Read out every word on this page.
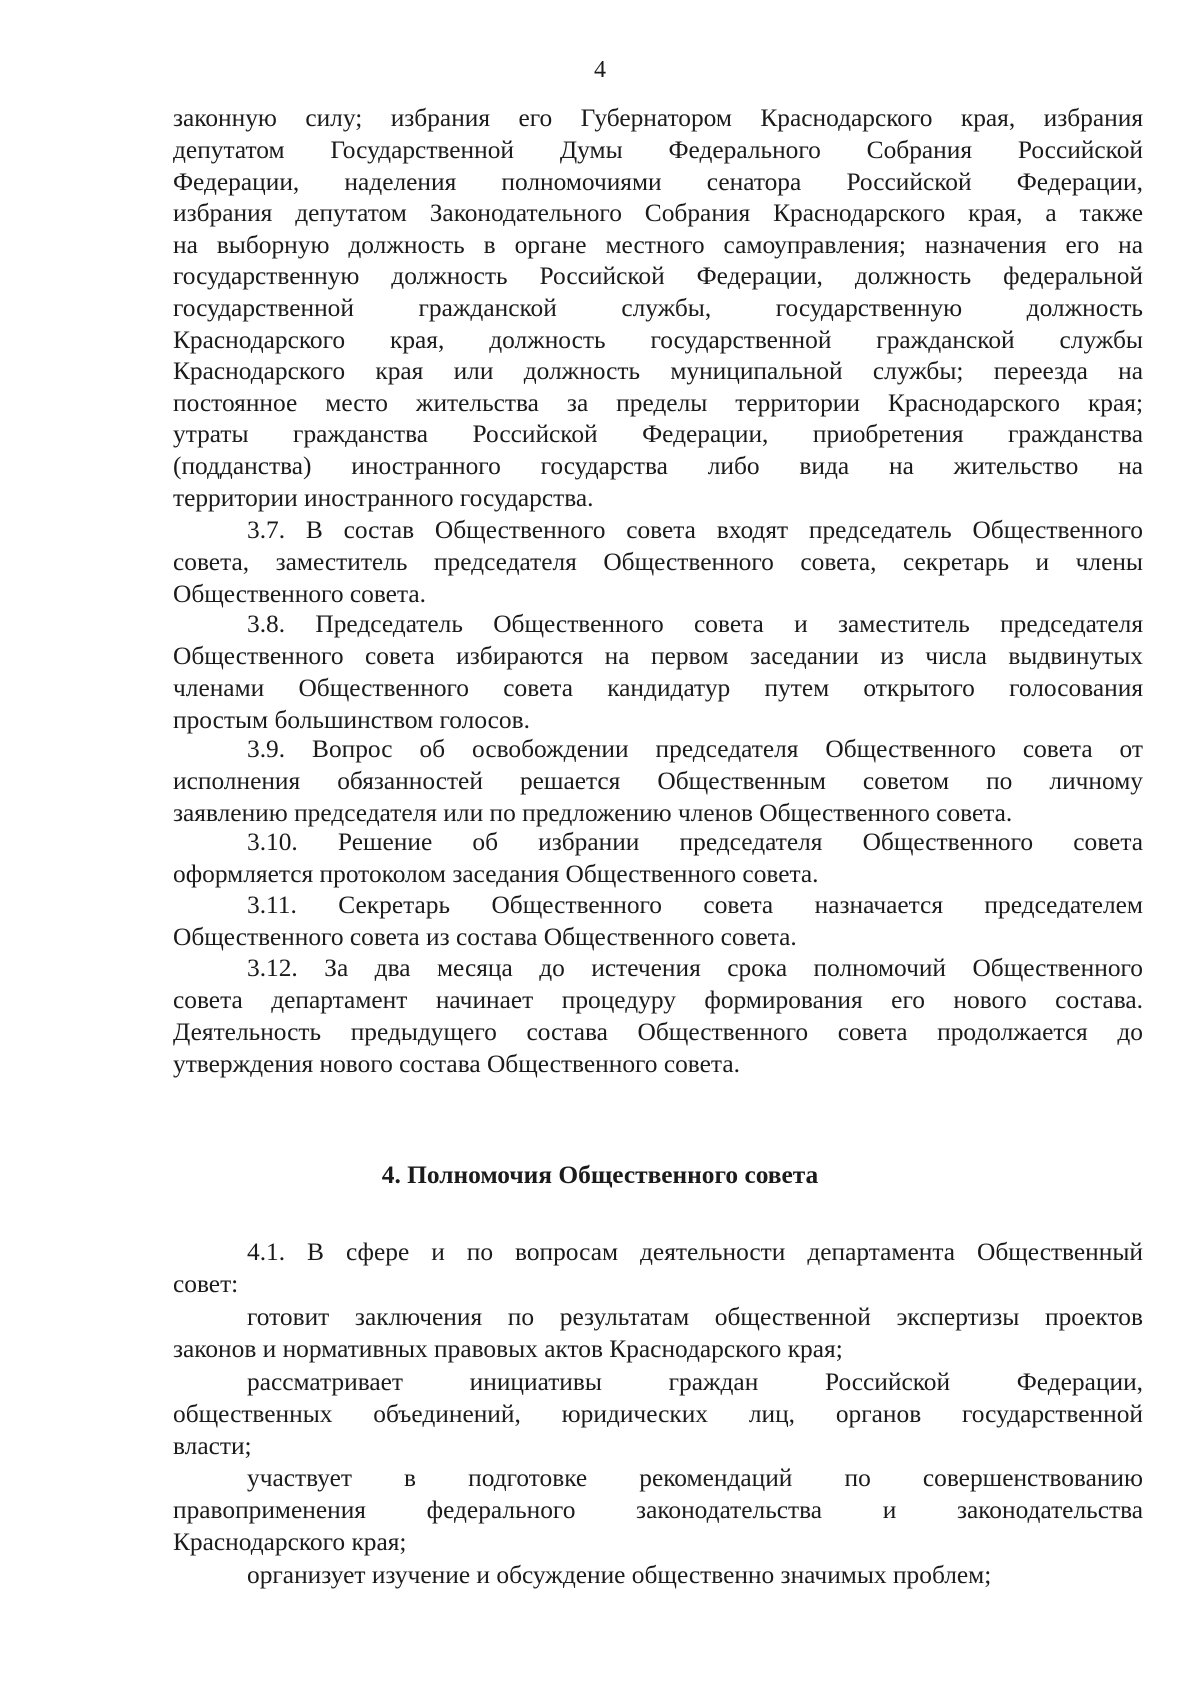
4
законную силу; избрания его Губернатором Краснодарского края, избрания
депутатом Государственной Думы Федерального Собрания Российской
Федерации, наделения полномочиями сенатора Российской Федерации,
избрания депутатом Законодательного Собрания Краснодарского края, а также
на выборную должность в органе местного самоуправления; назначения его на
государственную должность Российской Федерации, должность федеральной
государственной гражданской службы, государственную должность
Краснодарского края, должность государственной гражданской службы
Краснодарского края или должность муниципальной службы; переезда на
постоянное место жительства за пределы территории Краснодарского края;
утраты гражданства Российской Федерации, приобретения гражданства
(подданства) иностранного государства либо вида на жительство на
территории иностранного государства.
3.7. В состав Общественного совета входят председатель Общественного
совета, заместитель председателя Общественного совета, секретарь и члены
Общественного совета.
3.8. Председатель Общественного совета и заместитель председателя
Общественного совета избираются на первом заседании из числа выдвинутых
членами Общественного совета кандидатур путем открытого голосования
простым большинством голосов.
3.9. Вопрос об освобождении председателя Общественного совета от
исполнения обязанностей решается Общественным советом по личному
заявлению председателя или по предложению членов Общественного совета.
3.10. Решение об избрании председателя Общественного совета
оформляется протоколом заседания Общественного совета.
3.11. Секретарь Общественного совета назначается председателем
Общественного совета из состава Общественного совета.
3.12. За два месяца до истечения срока полномочий Общественного
совета департамент начинает процедуру формирования его нового состава.
Деятельность предыдущего состава Общественного совета продолжается до
утверждения нового состава Общественного совета.
4. Полномочия Общественного совета
4.1. В сфере и по вопросам деятельности департамента Общественный
совет:
готовит заключения по результатам общественной экспертизы проектов
законов и нормативных правовых актов Краснодарского края;
рассматривает инициативы граждан Российской Федерации,
общественных объединений, юридических лиц, органов государственной
власти;
участвует в подготовке рекомендаций по совершенствованию
правоприменения федерального законодательства и законодательства
Краснодарского края;
организует изучение и обсуждение общественно значимых проблем;
